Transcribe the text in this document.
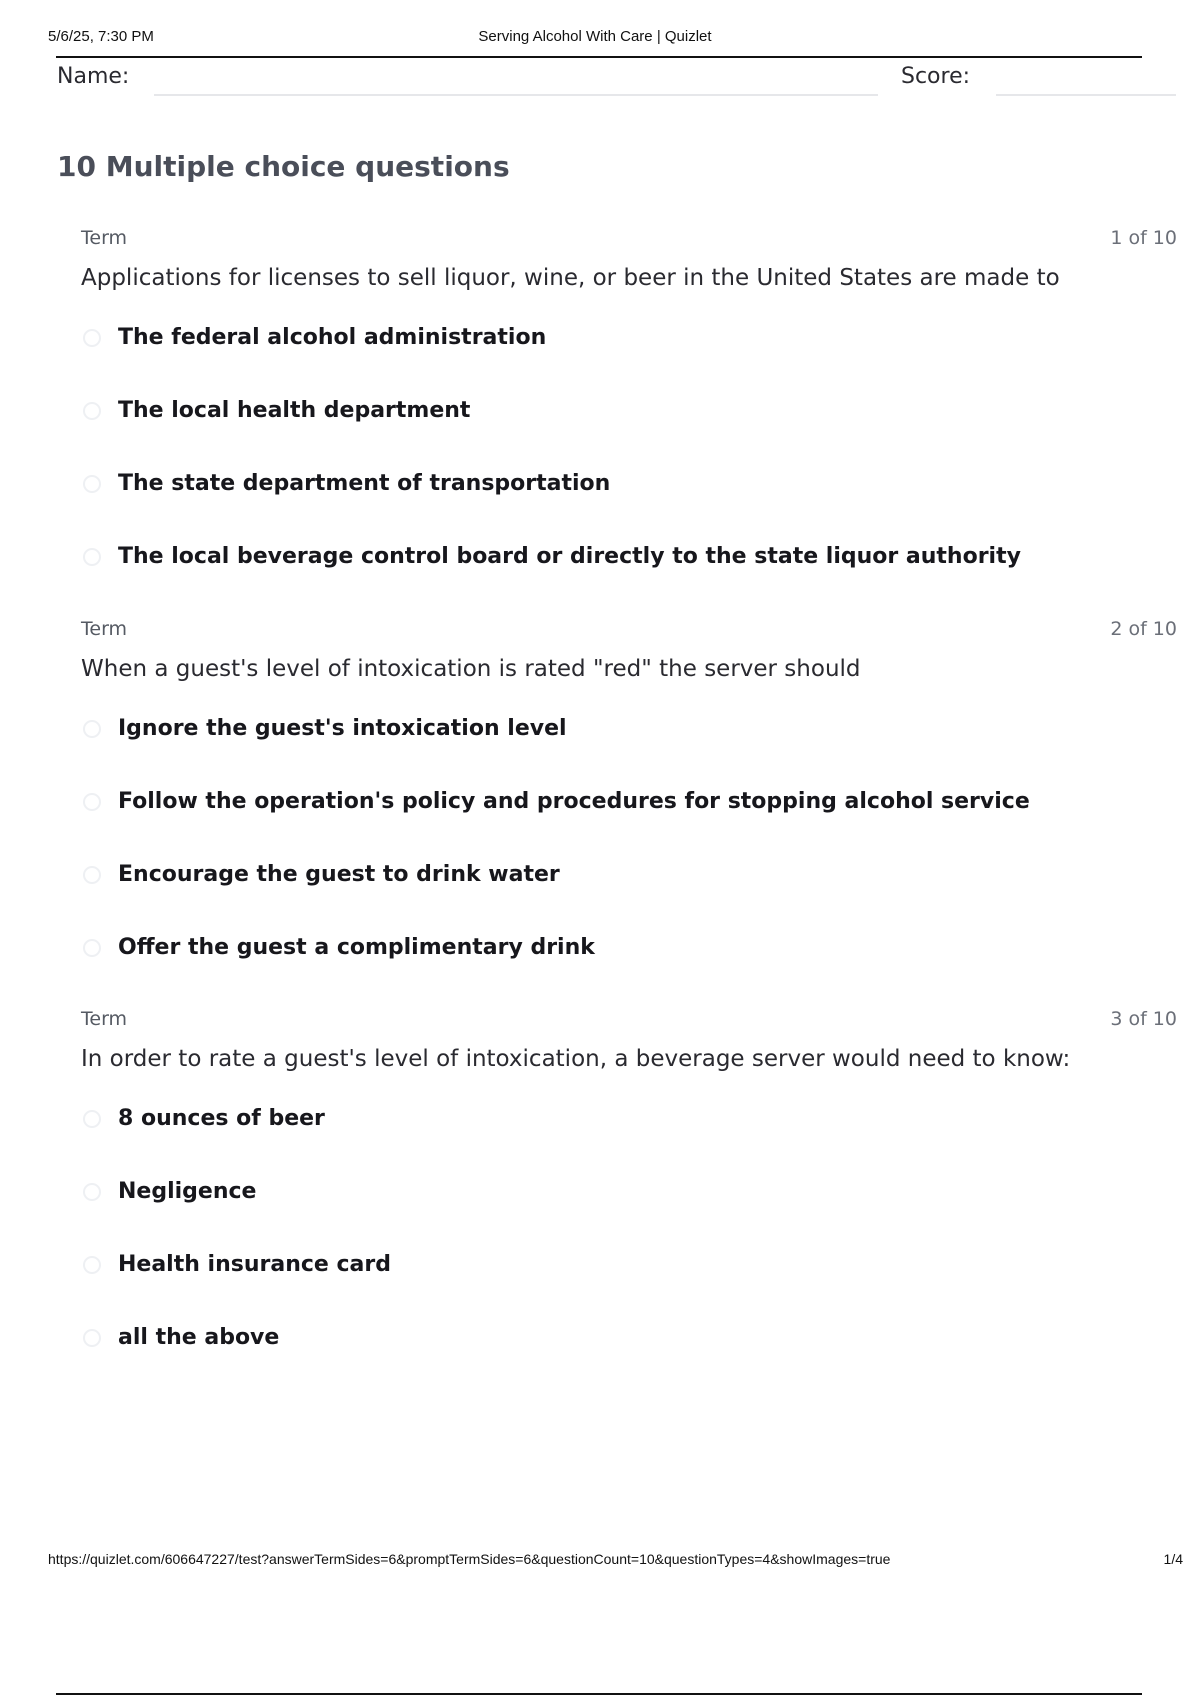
5/6/25, 7:30 PM	Serving Alcohol With Care | Quizlet
Name:	Score:
10 Multiple choice questions
Term	1 of 10
Applications for licenses to sell liquor, wine, or beer in the United States are made to
The federal alcohol administration
The local health department
The state department of transportation
The local beverage control board or directly to the state liquor authority
Term	2 of 10
When a guest's level of intoxication is rated "red" the server should
Ignore the guest's intoxication level
Follow the operation's policy and procedures for stopping alcohol service
Encourage the guest to drink water
Offer the guest a complimentary drink
Term	3 of 10
In order to rate a guest's level of intoxication, a beverage server would need to know:
8 ounces of beer
Negligence
Health insurance card
all the above
https://quizlet.com/606647227/test?answerTermSides=6&promptTermSides=6&questionCount=10&questionTypes=4&showImages=true	1/4
